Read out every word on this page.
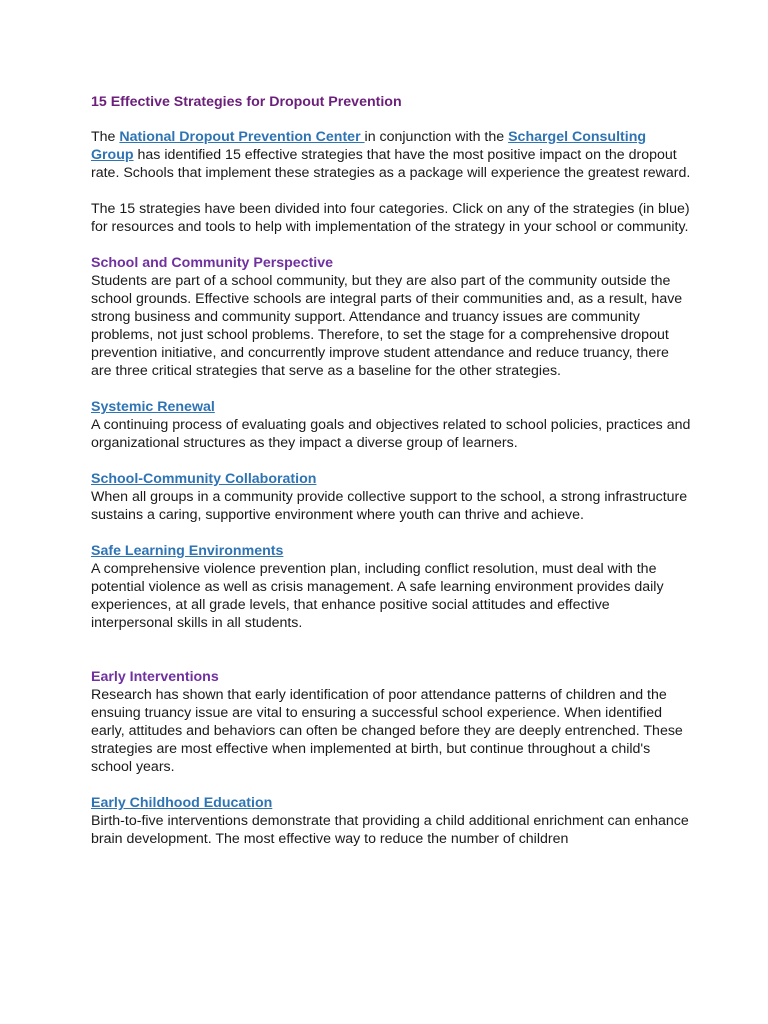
15 Effective Strategies for Dropout Prevention

The National Dropout Prevention Center in conjunction with the Schargel Consulting Group has identified 15 effective strategies that have the most positive impact on the dropout rate. Schools that implement these strategies as a package will experience the greatest reward.

The 15 strategies have been divided into four categories. Click on any of the strategies (in blue) for resources and tools to help with implementation of the strategy in your school or community.

School and Community Perspective
Students are part of a school community, but they are also part of the community outside the school grounds. Effective schools are integral parts of their communities and, as a result, have strong business and community support. Attendance and truancy issues are community problems, not just school problems. Therefore, to set the stage for a comprehensive dropout prevention initiative, and concurrently improve student attendance and reduce truancy, there are three critical strategies that serve as a baseline for the other strategies.
Systemic Renewal
A continuing process of evaluating goals and objectives related to school policies, practices and organizational structures as they impact a diverse group of learners.
School-Community Collaboration
When all groups in a community provide collective support to the school, a strong infrastructure sustains a caring, supportive environment where youth can thrive and achieve.
Safe Learning Environments
A comprehensive violence prevention plan, including conflict resolution, must deal with the potential violence as well as crisis management. A safe learning environment provides daily experiences, at all grade levels, that enhance positive social attitudes and effective interpersonal skills in all students.
Early Interventions
Research has shown that early identification of poor attendance patterns of children and the ensuing truancy issue are vital to ensuring a successful school experience. When identified early, attitudes and behaviors can often be changed before they are deeply entrenched. These strategies are most effective when implemented at birth, but continue throughout a child's school years.
Early Childhood Education
Birth-to-five interventions demonstrate that providing a child additional enrichment can enhance brain development. The most effective way to reduce the number of children
